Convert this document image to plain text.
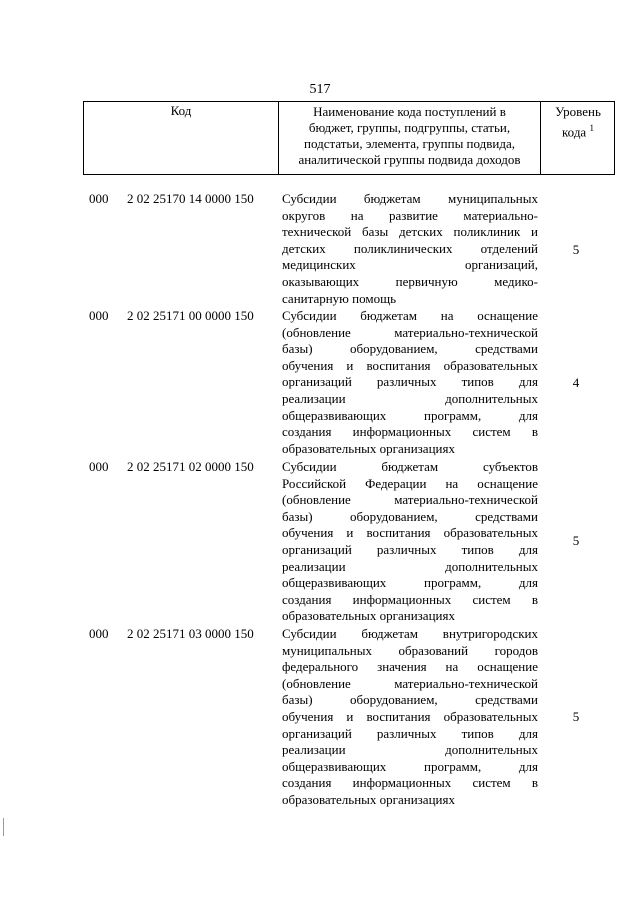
517
Код	Наименование кода поступлений в
бюджет, группы, подгруппы, статьи,
подстатьи, элемента, группы подвида,
аналитической группы подвида доходов
Уровень
кода $^1$
000 2 02 25170 14 0000 150 Субсидии бюджетам муниципальных
округов на развитие материально-
технической базы детских поликлиник и
детских поликлинических отделений
медицинских организаций,
оказывающих первичную медико-
санитарную помощь
5
000 2 02 25171 00 0000 150 Субсидии бюджетам на оснащение
(обновление материально-технической
базы) оборудованием, средствами
обучения и воспитания образовательных
организаций различных типов для
реализации дополнительных
общеразвивающих программ, для
создания информационных систем в
образовательных организациях
4
000 2 02 25171 02 0000 150 Субсидии бюджетам субъектов
Российской Федерации на оснащение
(обновление материально-технической
базы) оборудованием, средствами
обучения и воспитания образовательных
организаций различных типов для
реализации дополнительных
общеразвивающих программ, для
создания информационных систем в
образовательных организациях
5
000 2 02 25171 03 0000 150 Субсидии бюджетам внутригородских
муниципальных образований городов
федерального значения на оснащение
(обновление материально-технической
базы) оборудованием, средствами
обучения и воспитания образовательных
организаций различных типов для
реализации дополнительных
общеразвивающих программ, для
создания информационных систем в
образовательных организациях
5
